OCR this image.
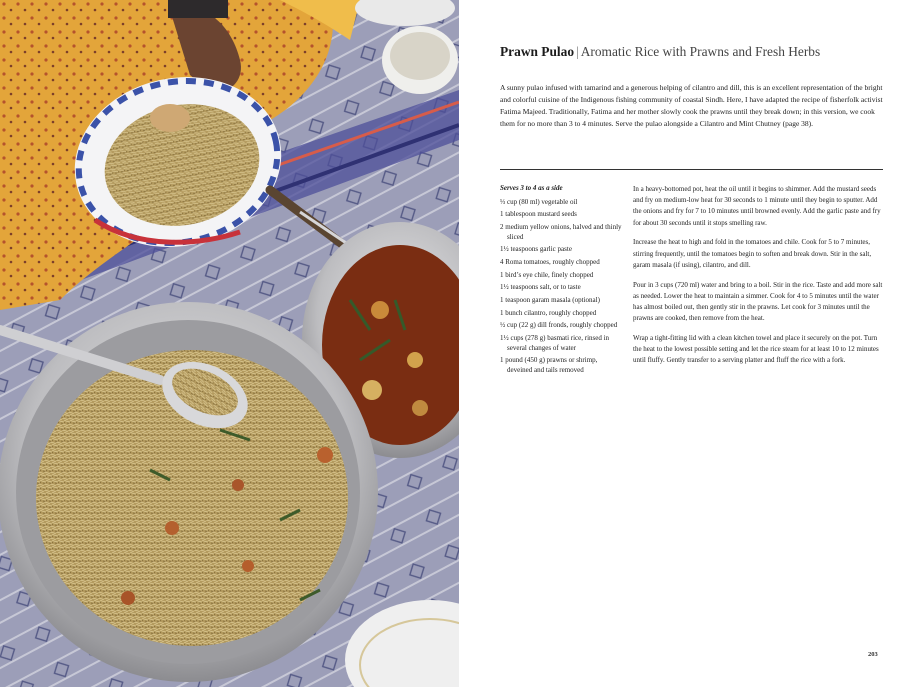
Prawn Pulao | Aromatic Rice with Prawns and Fresh Herbs

A sunny pulao infused with tamarind and a generous helping of cilantro and dill, this is an excellent representation of the bright and colorful cuisine of the Indigenous fishing community of coastal Sindh. Here, I have adapted the recipe of fisherfolk activist Fatima Majeed. Traditionally, Fatima and her mother slowly cook the prawns until they break down; in this version, we cook them for no more than 3 to 4 minutes. Serve the pulao alongside a Cilantro and Mint Chutney (page 38).

Serves 3 to 4 as a side
⅓ cup (80 ml) vegetable oil
1 tablespoon mustard seeds
2 medium yellow onions, halved and thinly sliced
1½ teaspoons garlic paste
4 Roma tomatoes, roughly chopped
1 bird’s eye chile, finely chopped
1½ teaspoons salt, or to taste
1 teaspoon garam masala (optional)
1 bunch cilantro, roughly chopped
½ cup (22 g) dill fronds, roughly chopped
1½ cups (278 g) basmati rice, rinsed in several changes of water
1 pound (450 g) prawns or shrimp, deveined and tails removed

In a heavy-bottomed pot, heat the oil until it begins to shimmer. Add the mustard seeds and fry on medium-low heat for 30 seconds to 1 minute until they begin to sputter. Add the onions and fry for 7 to 10 minutes until browned evenly. Add the garlic paste and fry for about 30 seconds until it stops smelling raw.

Increase the heat to high and fold in the tomatoes and chile. Cook for 5 to 7 minutes, stirring frequently, until the tomatoes begin to soften and break down. Stir in the salt, garam masala (if using), cilantro, and dill.

Pour in 3 cups (720 ml) water and bring to a boil. Stir in the rice. Taste and add more salt as needed. Lower the heat to maintain a simmer. Cook for 4 to 5 minutes until the water has almost boiled out, then gently stir in the prawns. Let cook for 3 minutes until the prawns are cooked, then remove from the heat.

Wrap a tight-fitting lid with a clean kitchen towel and place it securely on the pot. Turn the heat to the lowest possible setting and let the rice steam for at least 10 to 12 minutes until fluffy. Gently transfer to a serving platter and fluff the rice with a fork.

203
